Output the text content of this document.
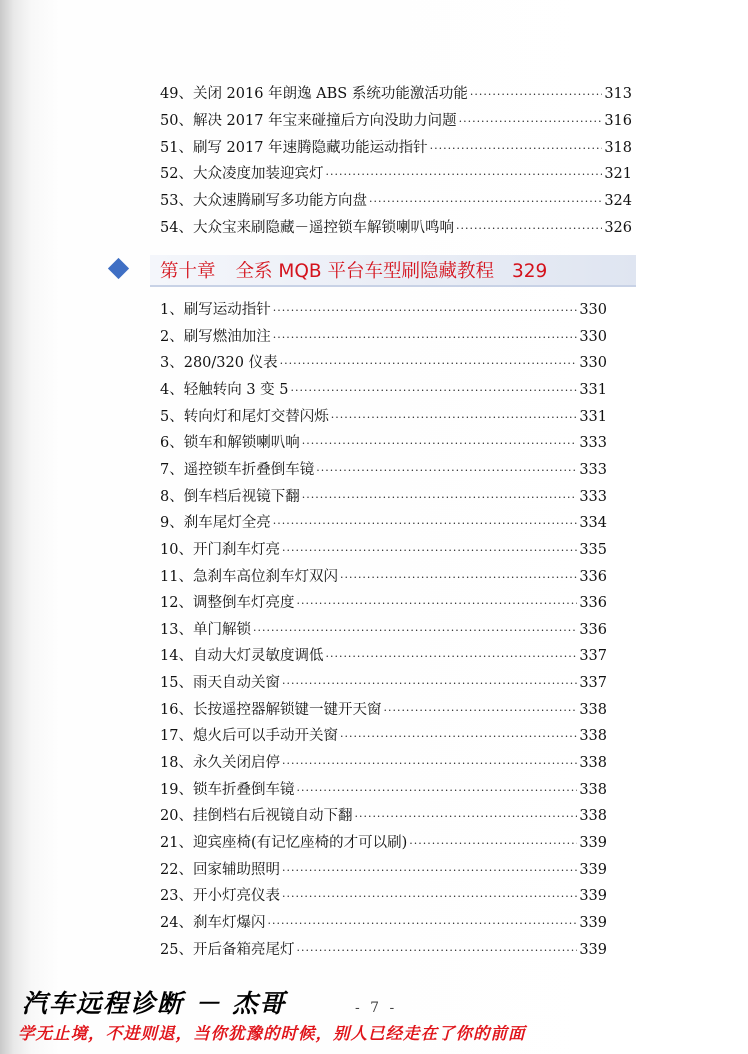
49、关闭 2016 年朗逸 ABS 系统功能激活功能 ·····	313
50、解决 2017 年宝来碰撞后方向没助力问题 ·····	316
51、刷写 2017 年速腾隐藏功能运动指针 ·····	318
52、大众凌度加装迎宾灯 ·····	321
53、大众速腾刷写多功能方向盘 ·····	324
54、大众宝来刷隐藏－遥控锁车解锁喇叭鸣响 ·····	326
第十章 全系 MQB 平台车型刷隐藏教程 329
1、刷写运动指针 ·····	330
2、刷写燃油加注 ·····	330
3、280/320 仪表 ·····	330
4、轻触转向 3 变 5 ·····	331
5、转向灯和尾灯交替闪烁 ·····	331
6、锁车和解锁喇叭响 ·····	333
7、遥控锁车折叠倒车镜 ·····	333
8、倒车档后视镜下翻 ·····	333
9、刹车尾灯全亮 ·····	334
10、开门刹车灯亮 ·····	335
11、急刹车高位刹车灯双闪 ·····	336
12、调整倒车灯亮度 ·····	336
13、单门解锁 ·····	336
14、自动大灯灵敏度调低 ·····	337
15、雨天自动关窗 ·····	337
16、长按遥控器解锁键一键开天窗 ·····	338
17、熄火后可以手动开关窗 ·····	338
18、永久关闭启停 ·····	338
19、锁车折叠倒车镜 ·····	338
20、挂倒档右后视镜自动下翻 ·····	338
21、迎宾座椅(有记忆座椅的才可以刷) ·····	339
22、回家辅助照明 ·····	339
23、开小灯亮仪表 ·····	339
24、刹车灯爆闪 ·····	339
25、开后备箱亮尾灯 ·····	339
汽车远程诊断 － 杰哥	- 7 -
学无止境，不进则退，当你犹豫的时候，别人已经走在了你的前面
